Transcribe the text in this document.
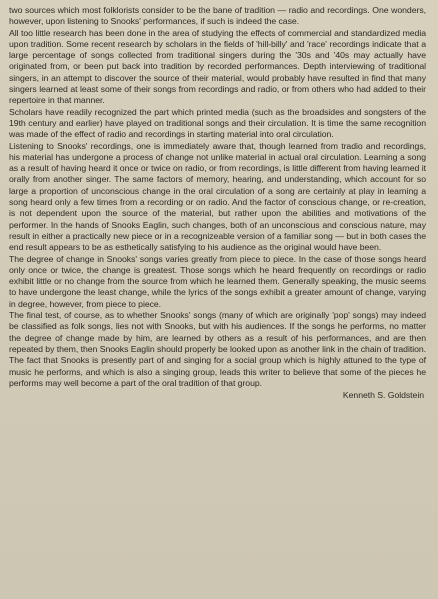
two sources which most folklorists consider to be the bane of tradition — radio and recordings. One wonders, however, upon listening to Snooks' performances, if such is indeed the case.

All too little research has been done in the area of studying the effects of commercial and standardized media upon tradition. Some recent research by scholars in the fields of 'hill-billy' and 'race' recordings indicate that a large percentage of songs collected from traditional singers during the '30s and '40s may actually have originated from, or been put back into tradition by recorded performances. Depth interviewing of traditional singers, in an attempt to discover the source of their material, would probably have resulted in find that many singers learned at least some of their songs from recordings and radio, or from others who had added to their repertoire in that manner.

Scholars have readily recognized the part which printed media (such as the broadsides and songsters of the 19th century and earlier) have played on traditional songs and their circulation. It is time the same recognition was made of the effect of radio and recordings in starting material into oral circulation.

Listening to Snooks' recordings, one is immediately aware that, though learned from tradio and recordings, his material has undergone a process of change not unlike material in actual oral circulation. Learning a song as a result of having heard it once or twice on radio, or from recordings, is little different from having learned it orally from another singer. The same factors of memory, hearing, and understanding, which account for so large a proportion of unconscious change in the oral circulation of a song are certainly at play in learning a song heard only a few times from a recording or on radio. And the factor of conscious change, or re-creation, is not dependent upon the source of the material, but rather upon the abilities and motivations of the performer. In the hands of Snooks Eaglin, such changes, both of an unconscious and conscious nature, may result in either a practically new piece or in a recognizeable version of a familiar song — but in both cases the end result appears to be as esthetically satisfying to his audience as the original would have been.

The degree of change in Snooks' songs varies greatly from piece to piece. In the case of those songs heard only once or twice, the change is greatest. Those songs which he heard frequently on recordings or radio exhibit little or no change from the source from which he learned them. Generally speaking, the music seems to have undergone the least change, while the lyrics of the songs exhibit a greater amount of change, varying in degree, however, from piece to piece.

The final test, of course, as to whether Snooks' songs (many of which are originally 'pop' songs) may indeed be classified as folk songs, lies not with Snooks, but with his audiences. If the songs he performs, no matter the degree of change made by him, are learned by others as a result of his performances, and are then repeated by them, then Snooks Eaglin should properly be looked upon as another link in the chain of tradition. The fact that Snooks is presently part of and singing for a social group which is highly attuned to the type of music he performs, and which is also a singing group, leads this writer to believe that some of the pieces he performs may well become a part of the oral tradition of that group.

Kenneth S. Goldstein
